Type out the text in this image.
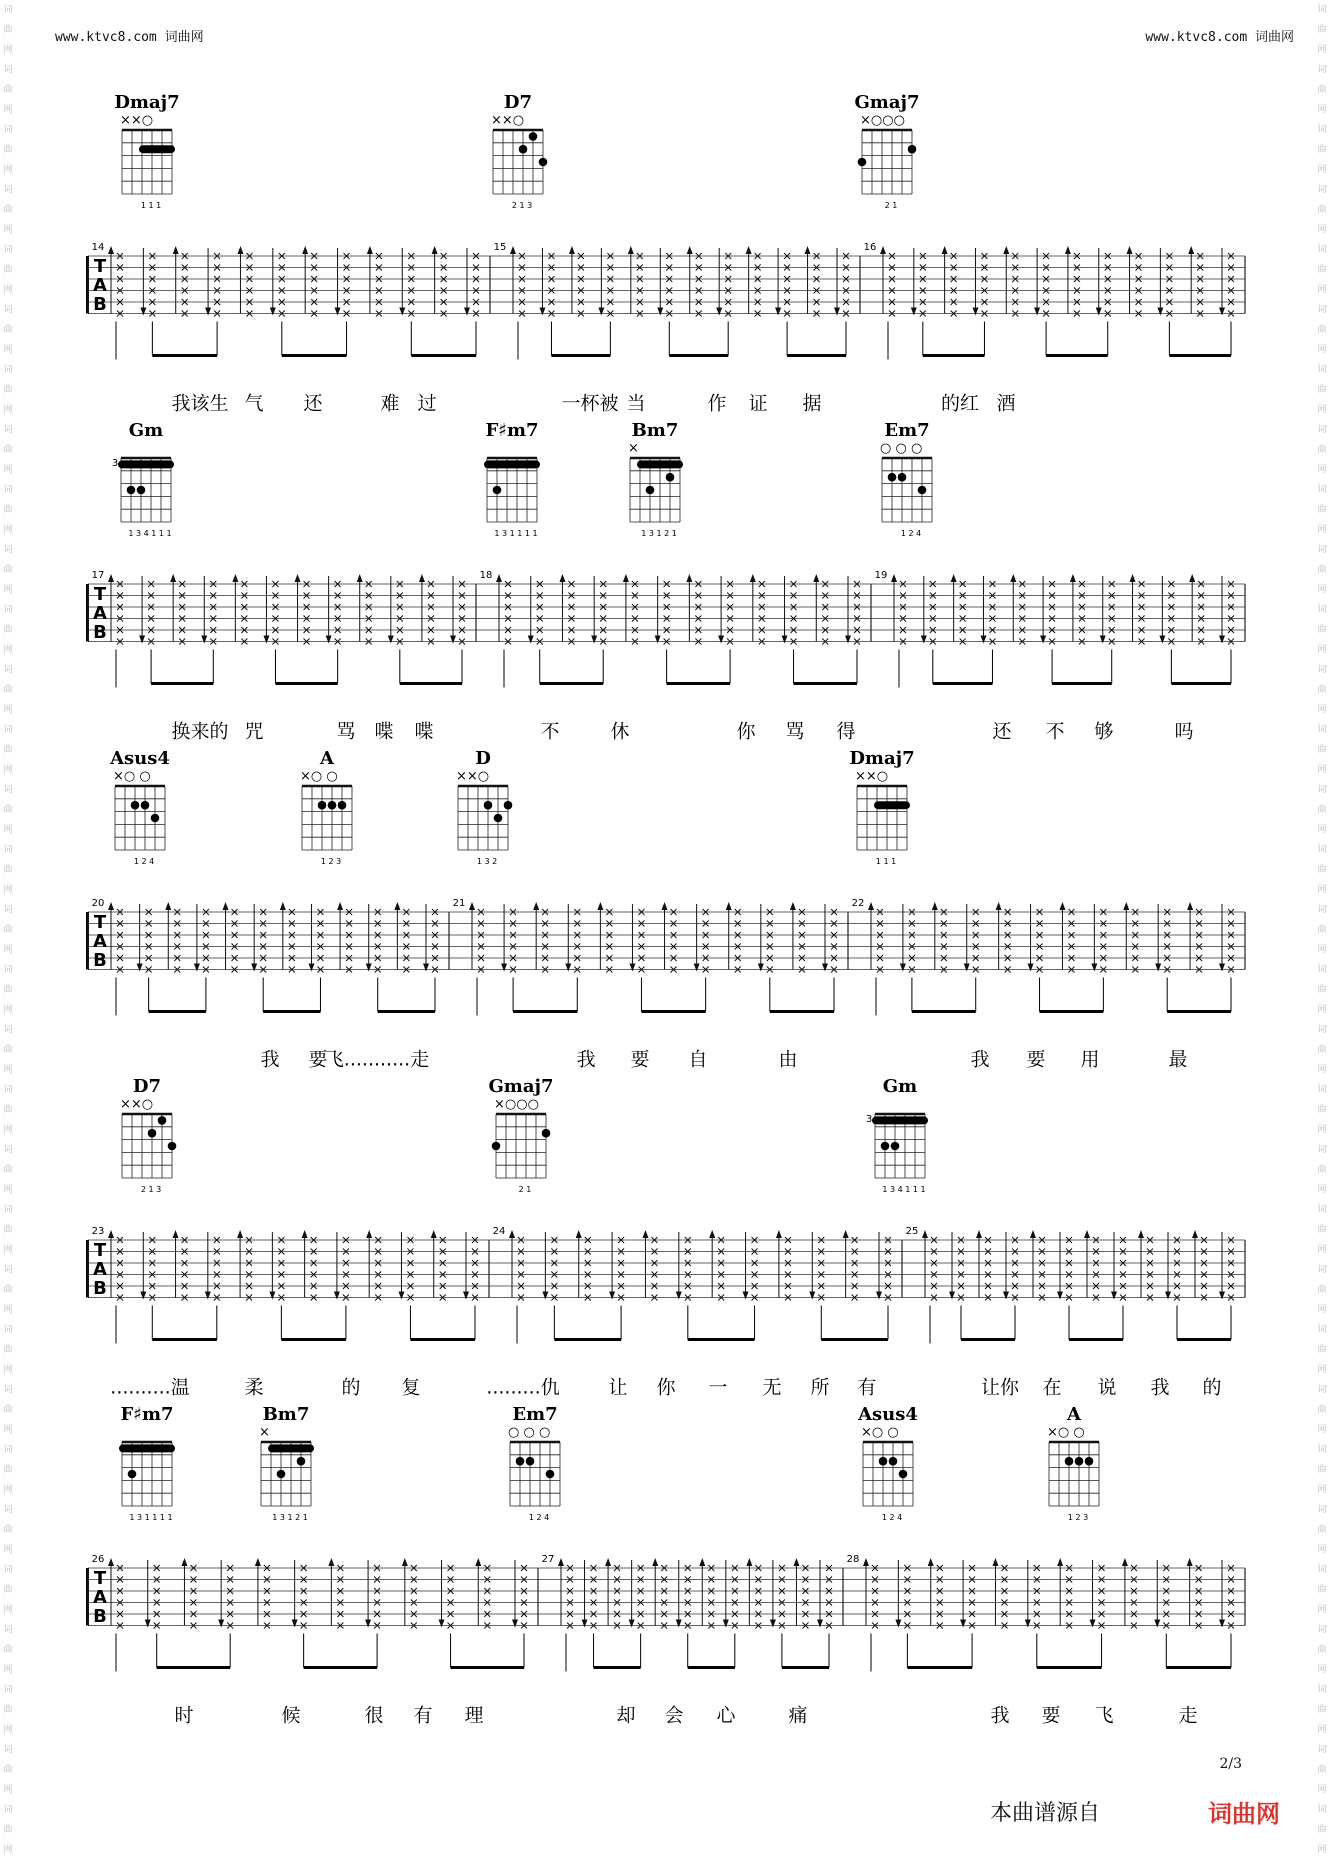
词
曲
网
词
曲
网
词
曲
网
词
曲
网
词
曲
网
词
曲
网
词
曲
网
词
曲
网
词
曲
网
词
曲
网
词
曲
网
词
曲
网
词
曲
网
词
曲
网
词
曲
网
词
曲
网
词
曲
网
词
曲
网
词
曲
网
词
曲
网
词
曲
网
词
曲
网
词
曲
网
词
曲
网
词
曲
网
词
曲
网
词
曲
网
词
曲
网
词
曲
网
词
曲
网
词
曲
网
词
曲
网
词
曲
网
词
曲
网
词
曲
网
词
曲
网
词
曲
网
词
曲
网
词
曲
网
词
曲
网
词
曲
网
词
曲
网
词
曲
网
词
曲
网
词
曲
网
词
曲
网
词
曲
网
词
曲
网
词
曲
网
词
曲
网
词
曲
网
词
曲
网
词
曲
网
词
曲
网
词
曲
网
词
曲
网
词
曲
网
词
曲
网
词
曲
网
词
曲
网
词
曲
网
词
曲
网
www.ktvc8.com 词曲网	www.ktvc8.com 词曲网
Dmaj7
××○
1 1 1
D7
××○
2 1 3
Gmaj7
×○○○
2 1
T
A
B
14	15	16
我该生 气 还	难 过	一杯被 当	作 证 据	的红 酒
Gm
3
1 3 4 1 1 1
F♯m7
1 3 1 1 1 1
Bm7
×
1 3 1 2 1
Em7
○ ○ ○
1 2 4
T
A
B
17	18	19
换来的 咒	骂 喋 喋	不	休	你 骂 得	还 不 够	吗
Asus4
×○ ○
1 2 4
A
×○ ○
1 2 3
D
××○
1 3 2
Dmaj7
××○
1 1 1
T
A
B
20	21	22
我 要
飞...........走	我 要 自	由	我 要 用	最
D7
××○
2 1 3
Gmaj7
×○○○
2 1
Gm
3
1 3 4 1 1 1
T
A
B
23	24	25
..........温	柔	的 复	.........仇	让 你 一 无 所 有	让你 在 说 我 的
F♯m7
1 3 1 1 1 1
Bm7
×
1 3 1 2 1
Em7
○ ○ ○
1 2 4
Asus4
×○ ○
1 2 4
A
×○ ○
1 2 3
T
A
B
26	27	28
时	候	很 有 理	却 会 心	痛	我 要 飞	走
2/3
本曲谱源自	词曲网
